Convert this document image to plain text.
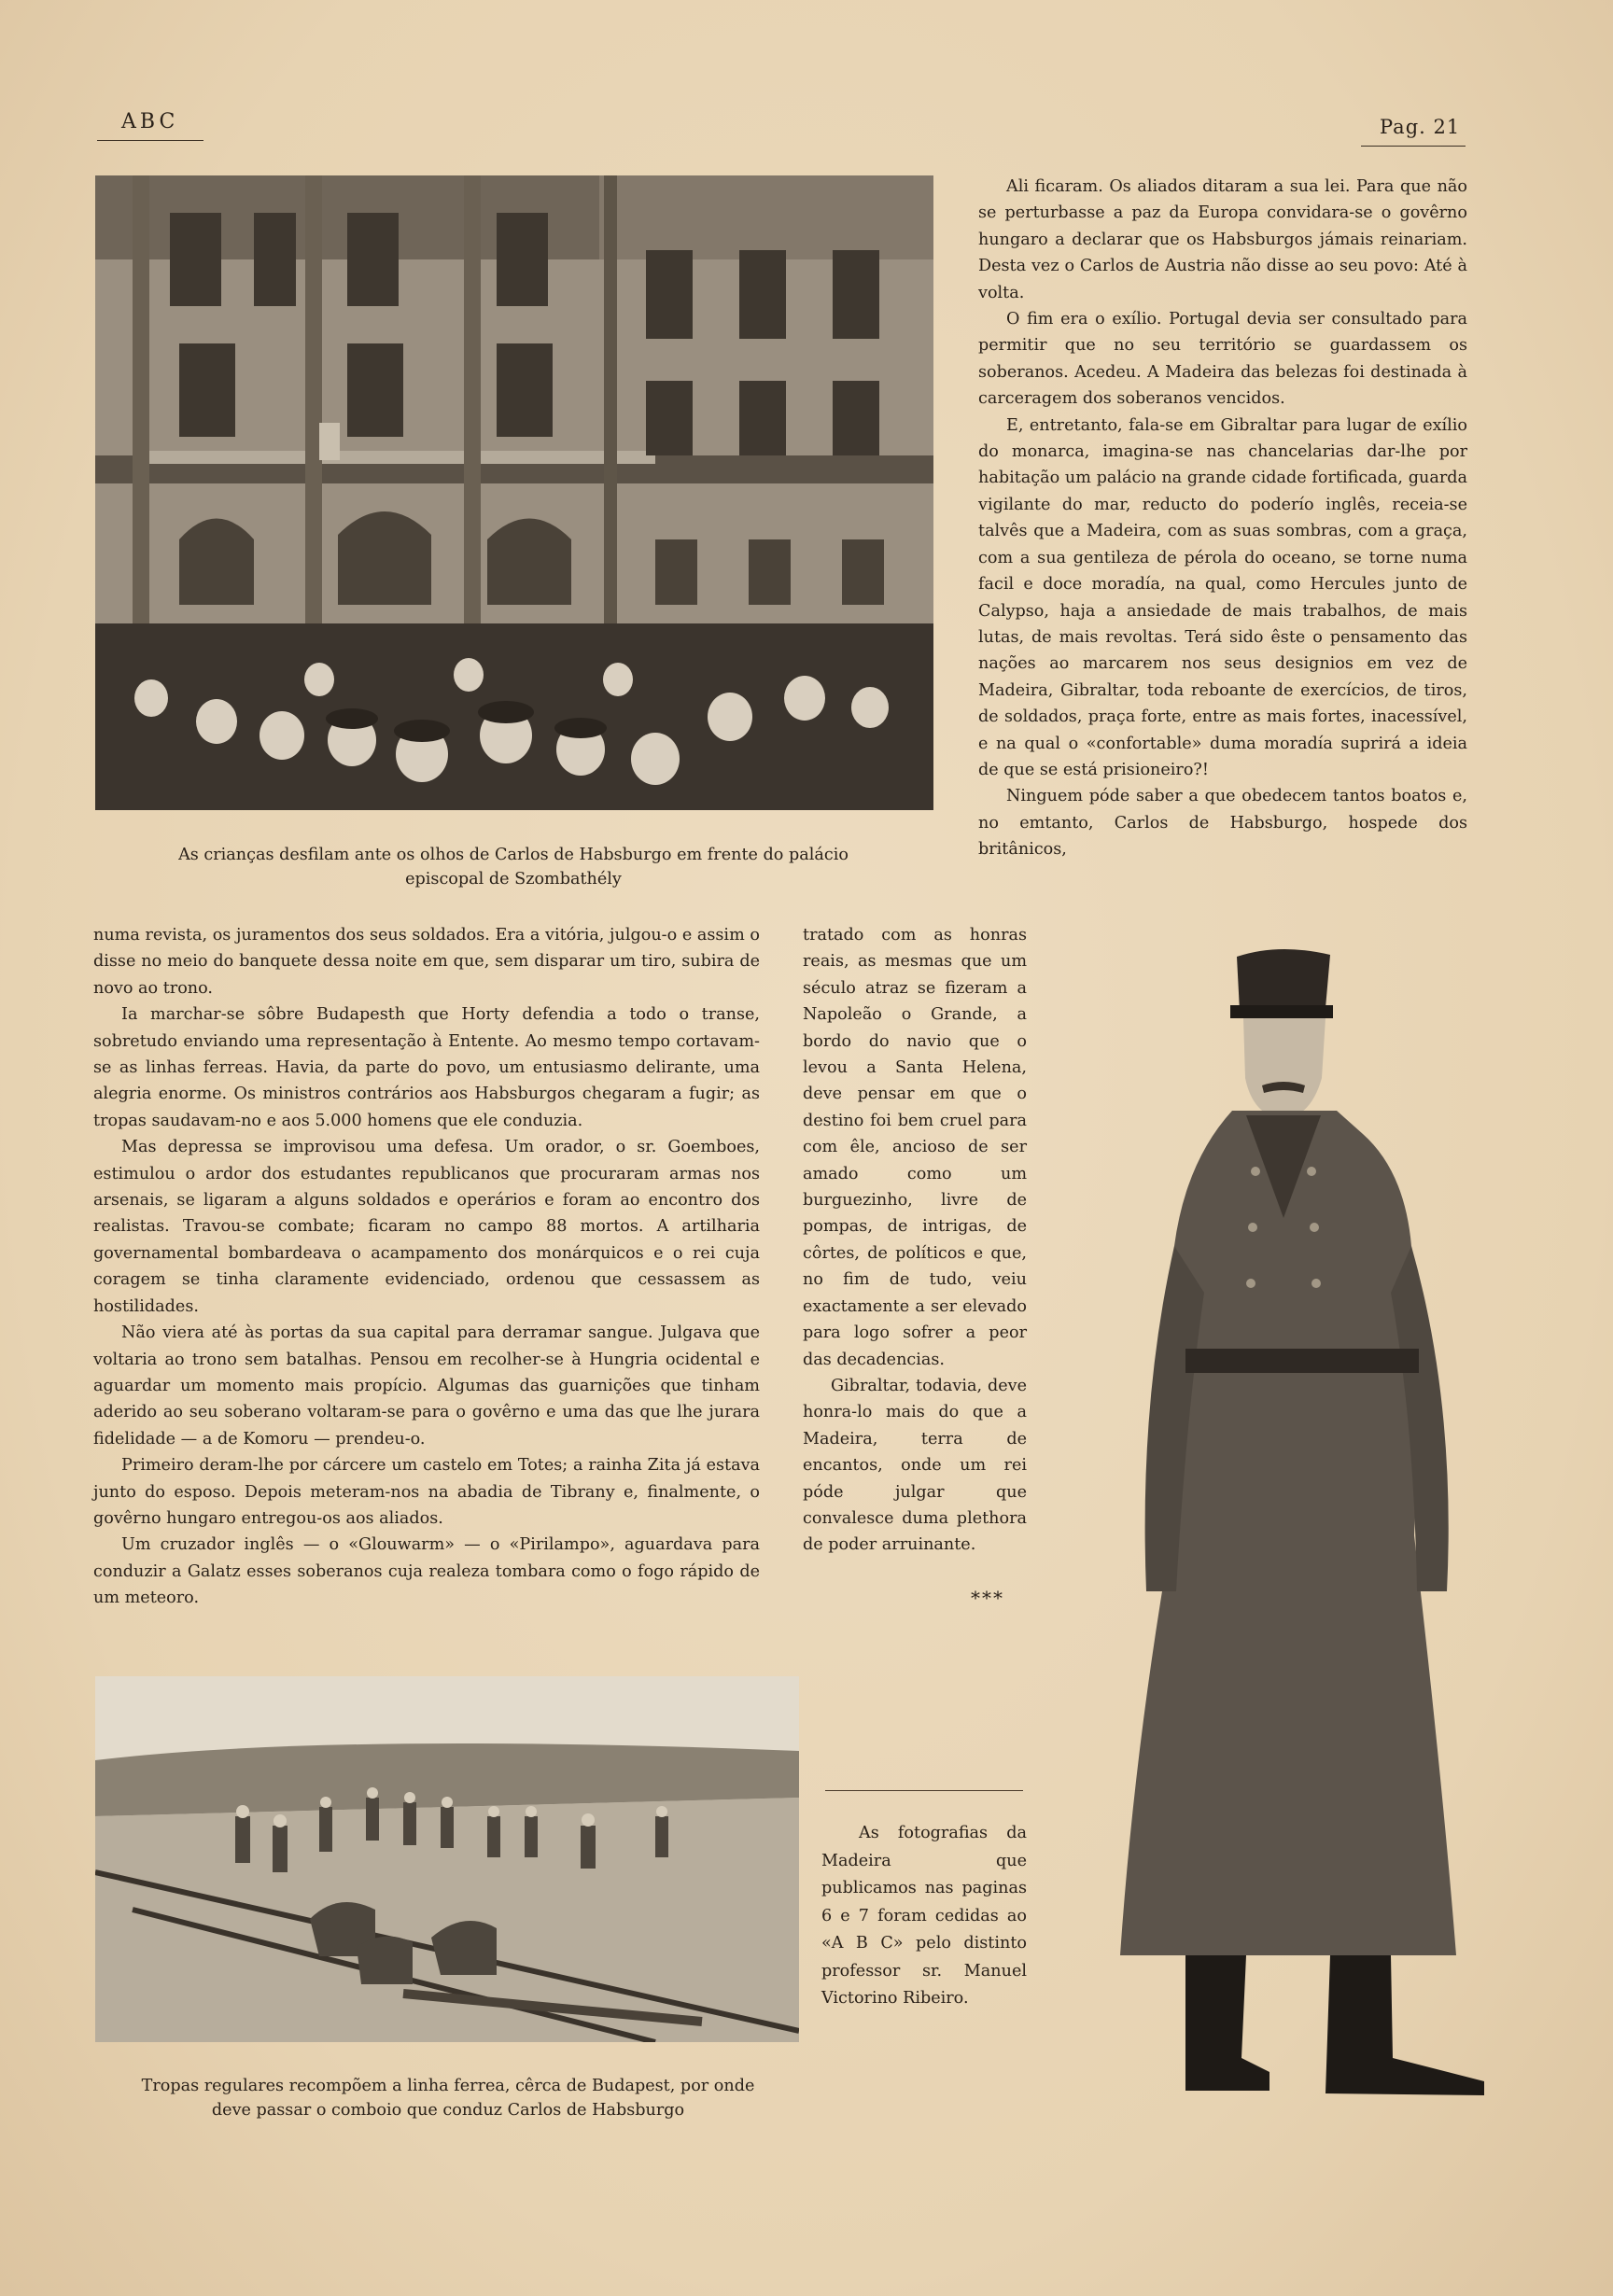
ABC	Pag. 21
As crianças desfilam ante os olhos de Carlos de Habsburgo em frente do palácio episcopal de Szombathély

Ali ficaram. Os aliados ditaram a sua lei. Para que não se perturbasse a paz da Europa convidara-se o govêrno hungaro a declarar que os Habsburgos jámais reinariam. Desta vez o Carlos de Austria não disse ao seu povo: Até à volta.

O fim era o exílio. Portugal devia ser consultado para permitir que no seu território se guardassem os soberanos. Acedeu. A Madeira das belezas foi destinada à carceragem dos soberanos vencidos.

E, entretanto, fala-se em Gibraltar para lugar de exílio do monarca, imagina-se nas chancelarias dar-lhe por habitação um palácio na grande cidade fortificada, guarda vigilante do mar, reducto do poderío inglês, receia-se talvês que a Madeira, com as suas sombras, com a graça, com a sua gentileza de pérola do oceano, se torne numa facil e doce moradía, na qual, como Hercules junto de Calypso, haja a ansiedade de mais trabalhos, de mais lutas, de mais revoltas. Terá sido êste o pensamento das nações ao marcarem nos seus designios em vez de Madeira, Gibraltar, toda reboante de exercícios, de tiros, de soldados, praça forte, entre as mais fortes, inacessível, e na qual o «confortable» duma moradía suprirá a ideia de que se está prisioneiro?!

Ninguem póde saber a que obedecem tantos boatos e, no emtanto, Carlos de Habsburgo, hospede dos britânicos,

numa revista, os juramentos dos seus soldados. Era a vitória, julgou-o e assim o disse no meio do banquete dessa noite em que, sem disparar um tiro, subira de novo ao trono.

Ia marchar-se sôbre Budapesth que Horty defendia a todo o transe, sobretudo enviando uma representação à Entente. Ao mesmo tempo cortavam-se as linhas ferreas. Havia, da parte do povo, um entusiasmo delirante, uma alegria enorme. Os ministros contrários aos Habsburgos chegaram a fugir; as tropas saudavam-no e aos 5.000 homens que ele conduzia.

Mas depressa se improvisou uma defesa. Um orador, o sr. Goemboes, estimulou o ardor dos estudantes republicanos que procuraram armas nos arsenais, se ligaram a alguns soldados e operários e foram ao encontro dos realistas. Travou-se combate; ficaram no campo 88 mortos. A artilharia governamental bombardeava o acampamento dos monárquicos e o rei cuja coragem se tinha claramente evidenciado, ordenou que cessassem as hostilidades.

Não viera até às portas da sua capital para derramar sangue. Julgava que voltaria ao trono sem batalhas. Pensou em recolher-se à Hungria ocidental e aguardar um momento mais propício. Algumas das guarnições que tinham aderido ao seu soberano voltaram-se para o govêrno e uma das que lhe jurara fidelidade — a de Komoru — prendeu-o.

Primeiro deram-lhe por cárcere um castelo em Totes; a rainha Zita já estava junto do esposo. Depois meteram-nos na abadia de Tibrany e, finalmente, o govêrno hungaro entregou-os aos aliados.

Um cruzador inglês — o «Glouwarm» — o «Pirilampo», aguardava para conduzir a Galatz esses soberanos cuja realeza tombara como o fogo rápido de um meteoro.

tratado com as honras reais, as mesmas que um século atraz se fizeram a Napoleão o Grande, a bordo do navio que o levou a Santa Helena, deve pensar em que o destino foi bem cruel para com êle, ancioso de ser amado como um burguezinho, livre de pompas, de intrigas, de côrtes, de políticos e que, no fim de tudo, veiu exactamente a ser elevado para logo sofrer a peor das decadencias.

Gibraltar, todavia, deve honra-lo mais do que a Madeira, terra de encantos, onde um rei póde julgar que convalesce duma plethora de poder arruinante.

***

As fotografias da Madeira que publicamos nas paginas 6 e 7 foram cedidas ao «A B C» pelo distinto professor sr. Manuel Victorino Ribeiro.

Tropas regulares recompõem a linha ferrea, cêrca de Budapest, por onde deve passar o comboio que conduz Carlos de Habsburgo
